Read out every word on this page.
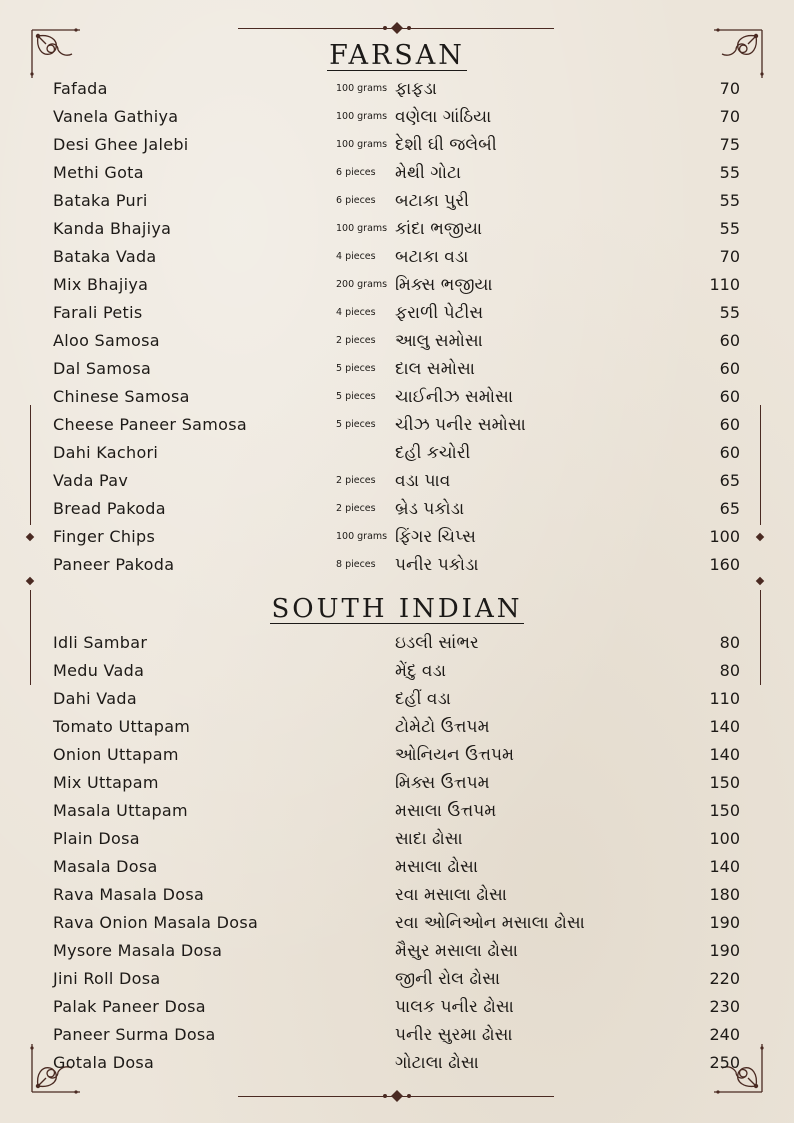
FARSAN
SOUTH INDIAN
Fafada	100 grams ફાફડા	70
Vanela Gathiya	100 grams વણેલા ગાંઠિયા	70
Desi Ghee Jalebi	100 grams દેશી ઘી જલેબી	75
Methi Gota	6 pieces મેથી ગોટા	55
Bataka Puri	6 pieces બટાકા પુરી	55
Kanda Bhajiya	100 grams કાંદા ભજીયા	55
Bataka Vada	4 pieces બટાકા વડા	70
Mix Bhajiya	200 grams મિક્સ ભજીયા	110
Farali Petis	4 pieces ફરાળી પેટીસ	55
Aloo Samosa	2 pieces આલુ સમોસા	60
Dal Samosa	5 pieces દાલ સમોસા	60
Chinese Samosa	5 pieces ચાઈનીઝ સમોસા	60
Cheese Paneer Samosa	5 pieces ચીઝ પનીર સમોસા	60
Dahi Kachori	દહી કચોરી	60
Vada Pav	2 pieces વડા પાવ	65
Bread Pakoda	2 pieces બ્રેડ પકોડા	65
Finger Chips	100 grams ફિંગર ચિપ્સ	100
Paneer Pakoda	8 pieces પનીર પકોડા	160
Idli Sambar	ઇડલી સાંભર	80
Medu Vada	મેંદુ વડા	80
Dahi Vada	દહીં વડા	110
Tomato Uttapam	ટોમેટો ઉત્તપમ	140
Onion Uttapam	ઓનિયન ઉત્તપમ	140
Mix Uttapam	મિક્સ ઉત્તપમ	150
Masala Uttapam	મસાલા ઉત્તપમ	150
Plain Dosa	સાદા ઢોસા	100
Masala Dosa	મસાલા ઢોસા	140
Rava Masala Dosa	રવા મસાલા ઢોસા	180
Rava Onion Masala Dosa	રવા ઓનિઓન મસાલા ઢોસા	190
Mysore Masala Dosa	મૈસુર મસાલા ઢોસા	190
Jini Roll Dosa	જીની રોલ ઢોસા	220
Palak Paneer Dosa	પાલક પનીર ઢોસા	230
Paneer Surma Dosa	પનીર સુરમા ઢોસા	240
Gotala Dosa	ગોટાલા ઢોસા	250
